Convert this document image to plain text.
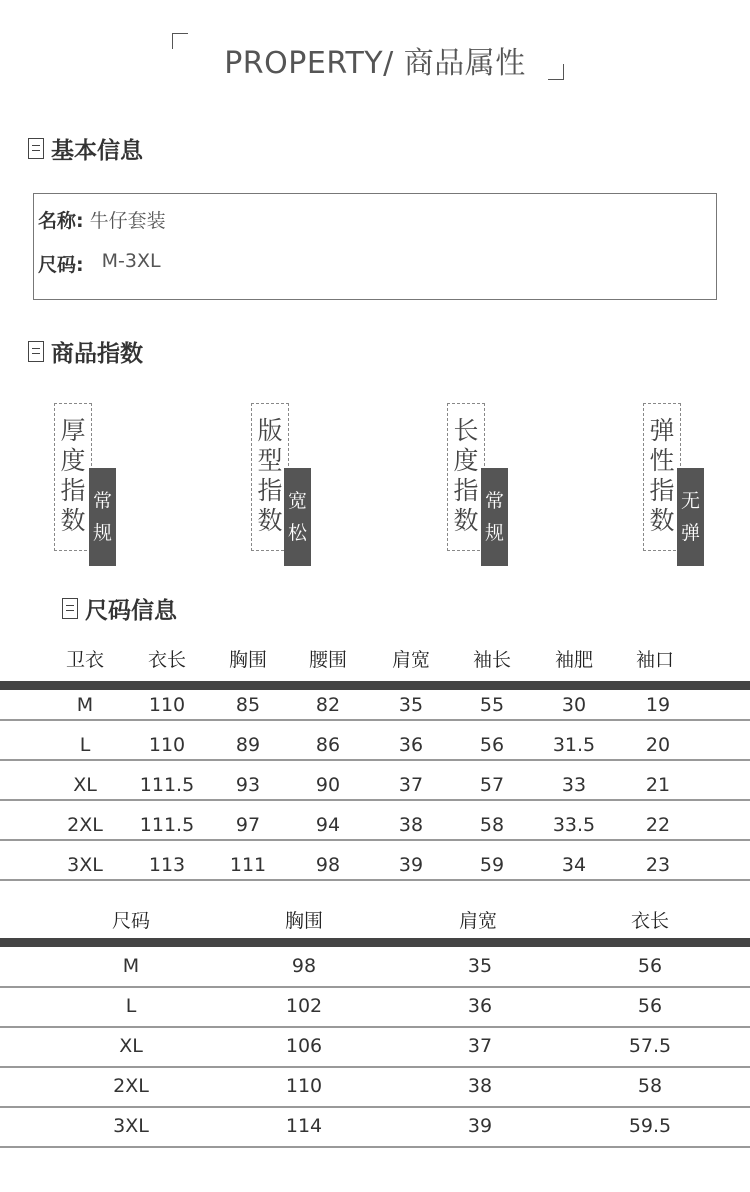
PROPERTY/ 商品属性
基本信息
名称: 牛仔套装
尺码: M-3XL
商品指数
厚
度
指
数
常
规
版
型
指
数
宽
松
长
度
指
数
常
规
弹
性
指
数
无
弹
尺码信息
卫衣 衣长 胸围 腰围 肩宽 袖长 袖肥 袖口
M	110	85	82	35	55	30	19
L	110	89	86	36	56	31.5	20
XL 111.5 93	90	37	57	33	21
2XL 111.5 97	94	38	58	33.5	22
3XL 113 111	98	39	59	34	23
尺码	胸围	肩宽	衣长
M	98	35	56
L	102	36	56
XL	106	37	57.5
2XL	110	38	58
3XL	114	39	59.5
